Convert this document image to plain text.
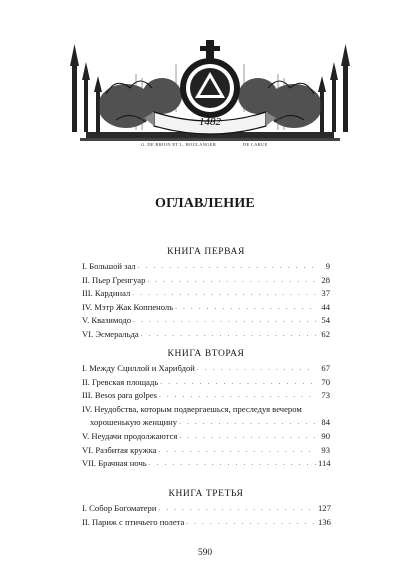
1482
G. DE BRION ET L. BOULANGER	DE LARUE
ОГЛАВЛЕНИЕ
КНИГА ПЕРВАЯ
I. Большой зал . . .	9
II. Пьер Гренгуар . . .	28
III. Кардинал . . .	37
IV. Мэтр Жак Коппеноль . . .	44
V. Квазимодо . . .	54
VI. Эсмеральда . . .	62
КНИГА ВТОРАЯ
I. Между Сциллой и Харибдой . . .	67
II. Гревская площадь . . .	70
III. Besos para golpes . . .	73
IV. Неудобства, которым подвергаешься, преследуя вечером
хорошенькую женщину . . .	84
V. Неудачи продолжаются . . .	90
VI. Разбитая кружка . . .	93
VII. Брачная ночь . . .	114
КНИГА ТРЕТЬЯ
I. Собор Богоматери . . .	127
II. Париж с птичьего полета . . .	136
590
